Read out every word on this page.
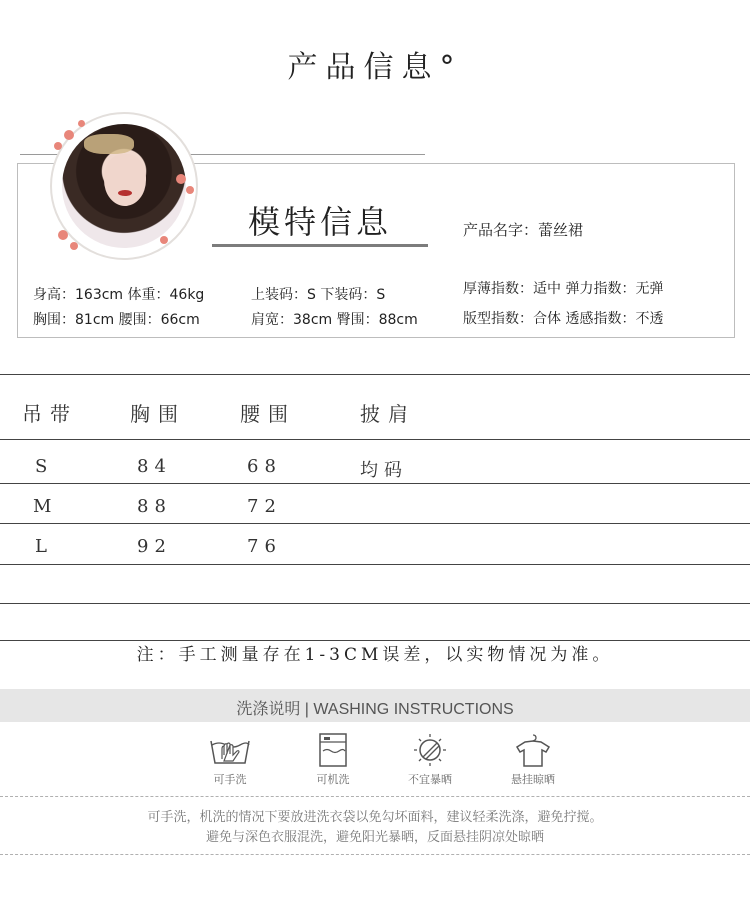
产品信息°
模特信息	产品名字：蕾丝裙
身高：163cm 体重：46kg	上装码：S 下装码：S
胸围：81cm 腰围：66cm	肩宽：38cm 臀围：88cm
厚薄指数：适中 弹力指数：无弹
版型指数：合体 透感指数：不透
吊带	胸围	腰围	披肩
S	84	68	均码
M	88	72
L	92	76
注：手工测量存在1-3CM误差，以实物情况为准。
洗涤说明 | WASHING INSTRUCTIONS
可手洗	可机洗	不宜暴晒	悬挂晾晒
可手洗，机洗的情况下要放进洗衣袋以免勾坏面料，建议轻柔洗涤，避免拧搅。
避免与深色衣服混洗，避免阳光暴晒，反面悬挂阴凉处晾晒
